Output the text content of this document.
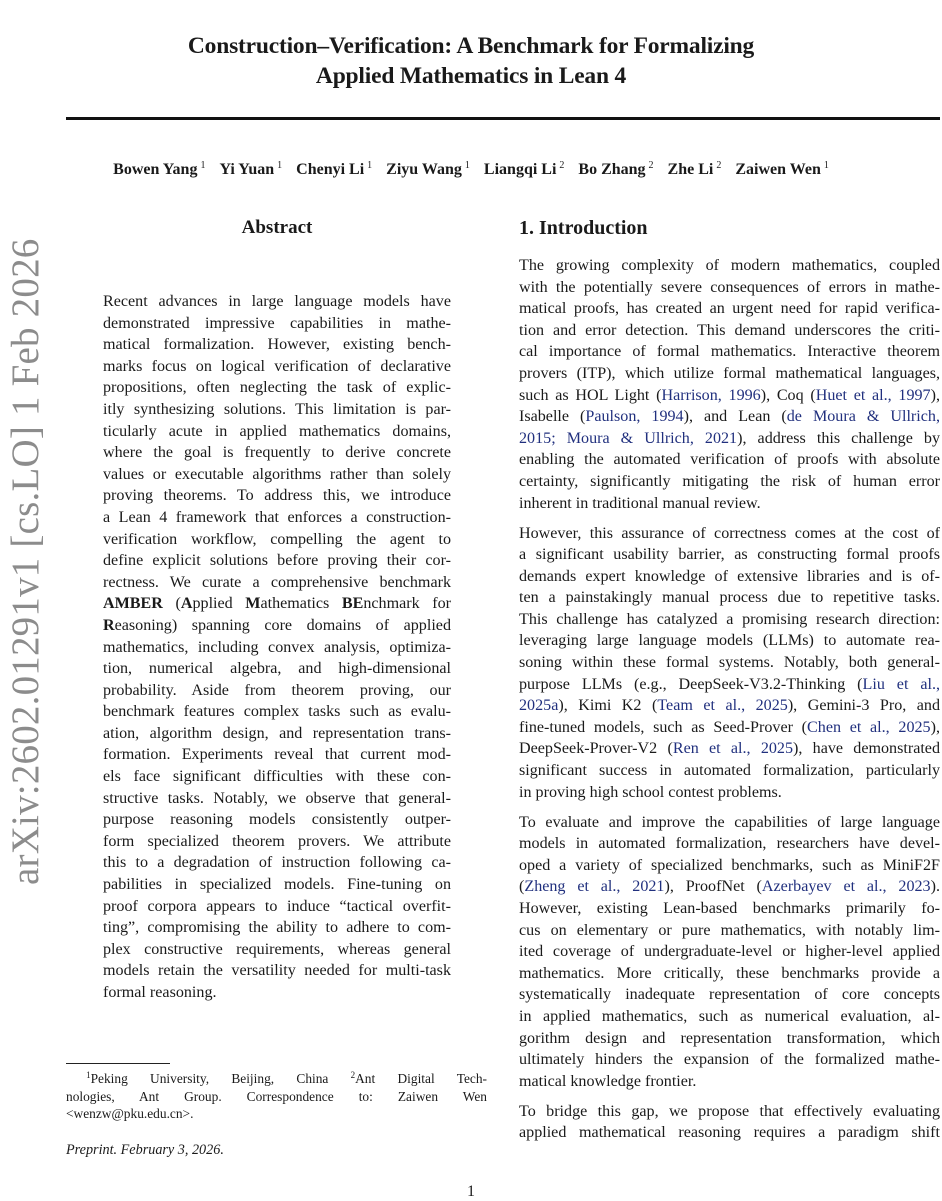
Construction–Verification: A Benchmark for Formalizing
Applied Mathematics in Lean 4
Bowen Yang $^1$ Yi Yuan $^1$ Chenyi Li $^1$ Ziyu Wang $^1$ Liangqi Li $^2$ Bo Zhang $^2$ Zhe Li $^2$ Zaiwen Wen $^1$
arXiv:2602.01291v1 [cs.LO] 1 Feb 2026
Abstract
Recent advances in large language models have
demonstrated impressive capabilities in mathe-
matical formalization. However, existing bench-
marks focus on logical verification of declarative
propositions, often neglecting the task of explic-
itly synthesizing solutions. This limitation is par-
ticularly acute in applied mathematics domains,
where the goal is frequently to derive concrete
values or executable algorithms rather than solely
proving theorems. To address this, we introduce
a Lean 4 framework that enforces a construction-
verification workflow, compelling the agent to
define explicit solutions before proving their cor-
rectness. We curate a comprehensive benchmark
AMBER (Applied Mathematics BEnchmark for
Reasoning) spanning core domains of applied
mathematics, including convex analysis, optimiza-
tion, numerical algebra, and high-dimensional
probability. Aside from theorem proving, our
benchmark features complex tasks such as evalu-
ation, algorithm design, and representation trans-
formation. Experiments reveal that current mod-
els face significant difficulties with these con-
structive tasks. Notably, we observe that general-
purpose reasoning models consistently outper-
form specialized theorem provers. We attribute
this to a degradation of instruction following ca-
pabilities in specialized models. Fine-tuning on
proof corpora appears to induce “tactical overfit-
ting”, compromising the ability to adhere to com-
plex constructive requirements, whereas general
models retain the versatility needed for multi-task
formal reasoning.
1. Introduction
The growing complexity of modern mathematics, coupled
with the potentially severe consequences of errors in mathe-
matical proofs, has created an urgent need for rapid verifica-
tion and error detection. This demand underscores the criti-
cal importance of formal mathematics. Interactive theorem
provers (ITP), which utilize formal mathematical languages,
such as HOL Light (Harrison, 1996), Coq (Huet et al., 1997),
Isabelle (Paulson, 1994), and Lean (de Moura & Ullrich,
2015; Moura & Ullrich, 2021), address this challenge by
enabling the automated verification of proofs with absolute
certainty, significantly mitigating the risk of human error
inherent in traditional manual review.
However, this assurance of correctness comes at the cost of
a significant usability barrier, as constructing formal proofs
demands expert knowledge of extensive libraries and is of-
ten a painstakingly manual process due to repetitive tasks.
This challenge has catalyzed a promising research direction:
leveraging large language models (LLMs) to automate rea-
soning within these formal systems. Notably, both general-
purpose LLMs (e.g., DeepSeek-V3.2-Thinking (Liu et al.,
2025a), Kimi K2 (Team et al., 2025), Gemini-3 Pro, and
fine-tuned models, such as Seed-Prover (Chen et al., 2025),
DeepSeek-Prover-V2 (Ren et al., 2025), have demonstrated
significant success in automated formalization, particularly
in proving high school contest problems.
To evaluate and improve the capabilities of large language
models in automated formalization, researchers have devel-
oped a variety of specialized benchmarks, such as MiniF2F
(Zheng et al., 2021), ProofNet (Azerbayev et al., 2023).
However, existing Lean-based benchmarks primarily fo-
cus on elementary or pure mathematics, with notably lim-
ited coverage of undergraduate-level or higher-level applied
mathematics. More critically, these benchmarks provide a
systematically inadequate representation of core concepts
in applied mathematics, such as numerical evaluation, al-
gorithm design and representation transformation, which
ultimately hinders the expansion of the formalized mathe-
matical knowledge frontier.
To bridge this gap, we propose that effectively evaluating
applied mathematical reasoning requires a paradigm shift
  $^1$Peking University, Beijing, China $^2$Ant Digital Tech-
nologies, Ant Group. Correspondence to: Zaiwen Wen
<wenzw@pku.edu.cn>.
Preprint. February 3, 2026.
1
